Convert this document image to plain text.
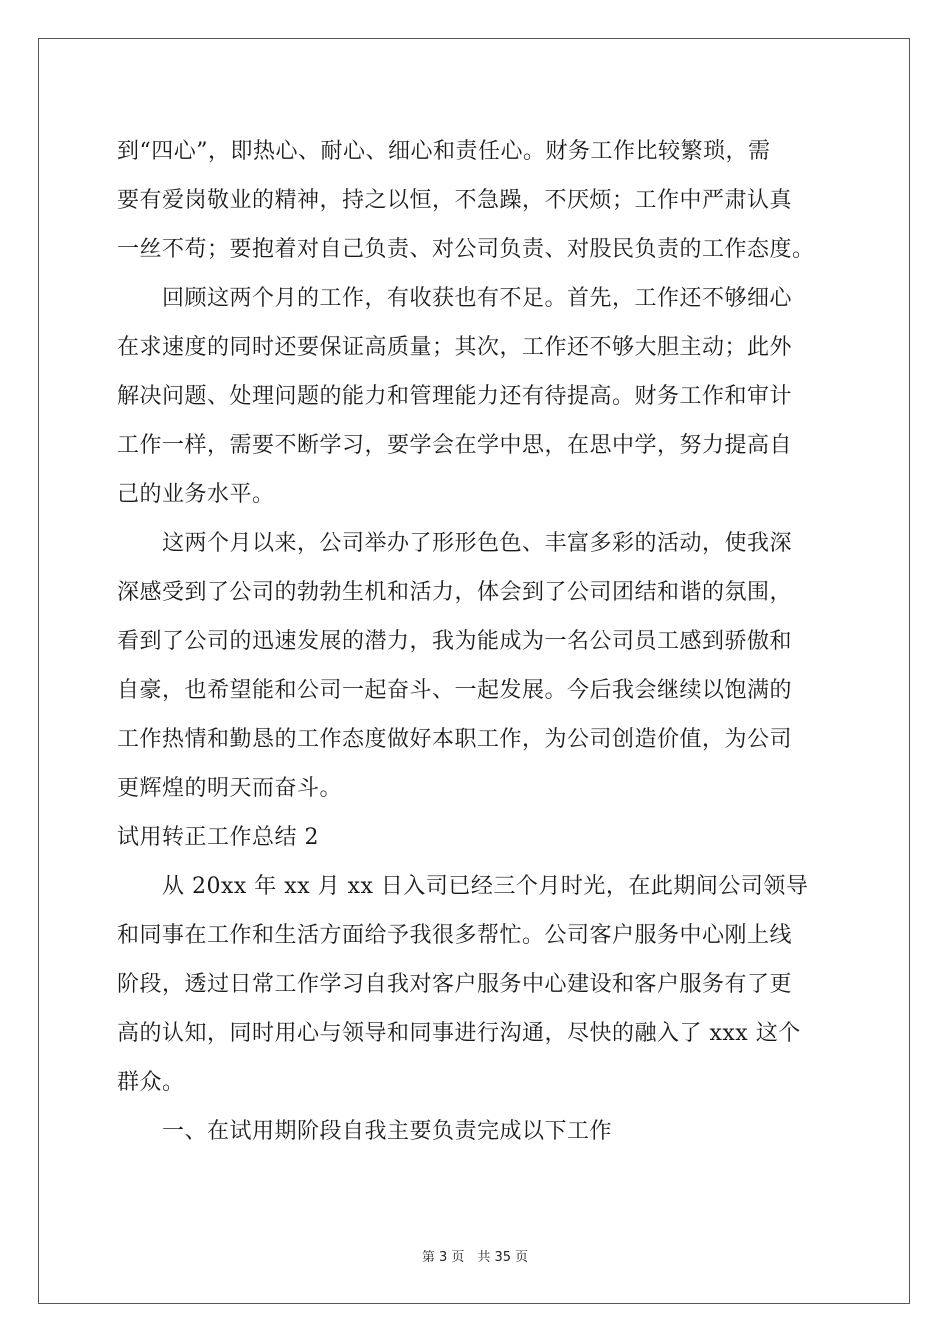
到“四心”，即热心、耐心、细心和责任心。财务工作比较繁琐，需
要有爱岗敬业的精神，持之以恒，不急躁，不厌烦；工作中严肃认真
一丝不苟；要抱着对自己负责、对公司负责、对股民负责的工作态度。
　　回顾这两个月的工作，有收获也有不足。首先，工作还不够细心
在求速度的同时还要保证高质量；其次，工作还不够大胆主动；此外
解决问题、处理问题的能力和管理能力还有待提高。财务工作和审计
工作一样，需要不断学习，要学会在学中思，在思中学，努力提高自
己的业务水平。
　　这两个月以来，公司举办了形形色色、丰富多彩的活动，使我深
深感受到了公司的勃勃生机和活力，体会到了公司团结和谐的氛围，
看到了公司的迅速发展的潜力，我为能成为一名公司员工感到骄傲和
自豪，也希望能和公司一起奋斗、一起发展。今后我会继续以饱满的
工作热情和勤恳的工作态度做好本职工作，为公司创造价值，为公司
更辉煌的明天而奋斗。
试用转正工作总结 2
　　从 20xx 年 xx 月 xx 日入司已经三个月时光，在此期间公司领导
和同事在工作和生活方面给予我很多帮忙。公司客户服务中心刚上线
阶段，透过日常工作学习自我对客户服务中心建设和客户服务有了更
高的认知，同时用心与领导和同事进行沟通，尽快的融入了 xxx 这个
群众。
　　一、在试用期阶段自我主要负责完成以下工作
第 3 页　共 35 页
